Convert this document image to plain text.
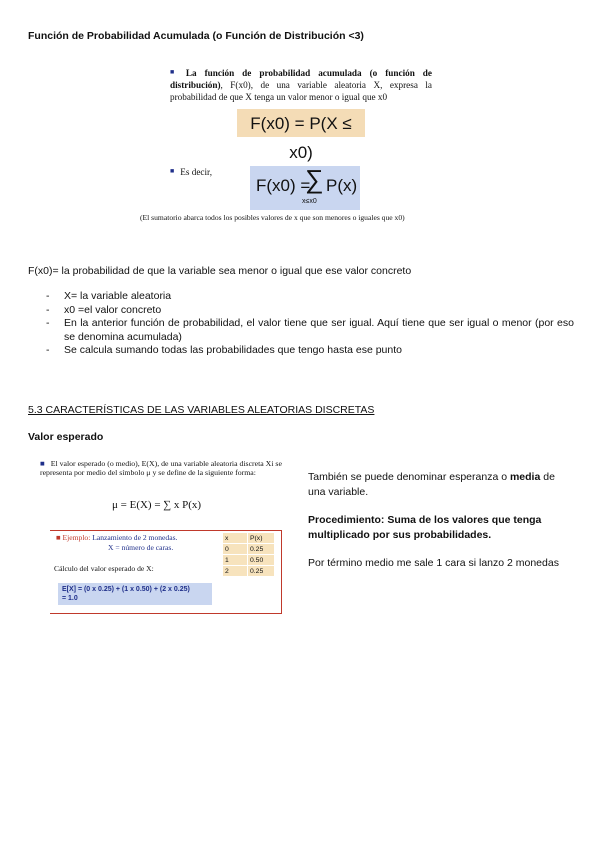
Función de Probabilidad Acumulada (o Función de Distribución <3)
■ La función de probabilidad acumulada (o función de distribución), F(x0), de una variable aleatoria X, expresa la probabilidad de que X tenga un valor menor o igual que x0
■ Es decir,
F(x0) = P(X ≤ x0)
F(x0) =
∑ P(x)
x≤x0
(El sumatorio abarca todos los posibles valores de x que son menores o iguales que x0)
F(x0)= la probabilidad de que la variable sea menor o igual que ese valor concreto
- X= la variable aleatoria
- x0 =el valor concreto
- En la anterior función de probabilidad, el valor tiene que ser igual. Aquí tiene que ser igual o menor (por eso se denomina acumulada)
- Se calcula sumando todas las probabilidades que tengo hasta ese punto
5.3 CARACTERÍSTICAS DE LAS VARIABLES ALEATORIAS DISCRETAS
Valor esperado
■ El valor esperado (o medio), E(X), de una variable aleatoria discreta Xi se representa por medio del símbolo μ y se define de la siguiente forma:
μ = E(X) = ∑ x P(x)
■ Ejemplo: Lanzamiento de 2 monedas.
X = número de caras.
Cálculo del valor esperado de X:
x	P(x)
0	0.25
1	0.50
2	0.25
E[X] = (0 x 0.25) + (1 x 0.50) + (2 x 0.25)
= 1.0

También se puede denominar esperanza o media de una variable.

Procedimiento: Suma de los valores que tenga multiplicado por sus probabilidades.

Por término medio me sale 1 cara si lanzo 2 monedas
